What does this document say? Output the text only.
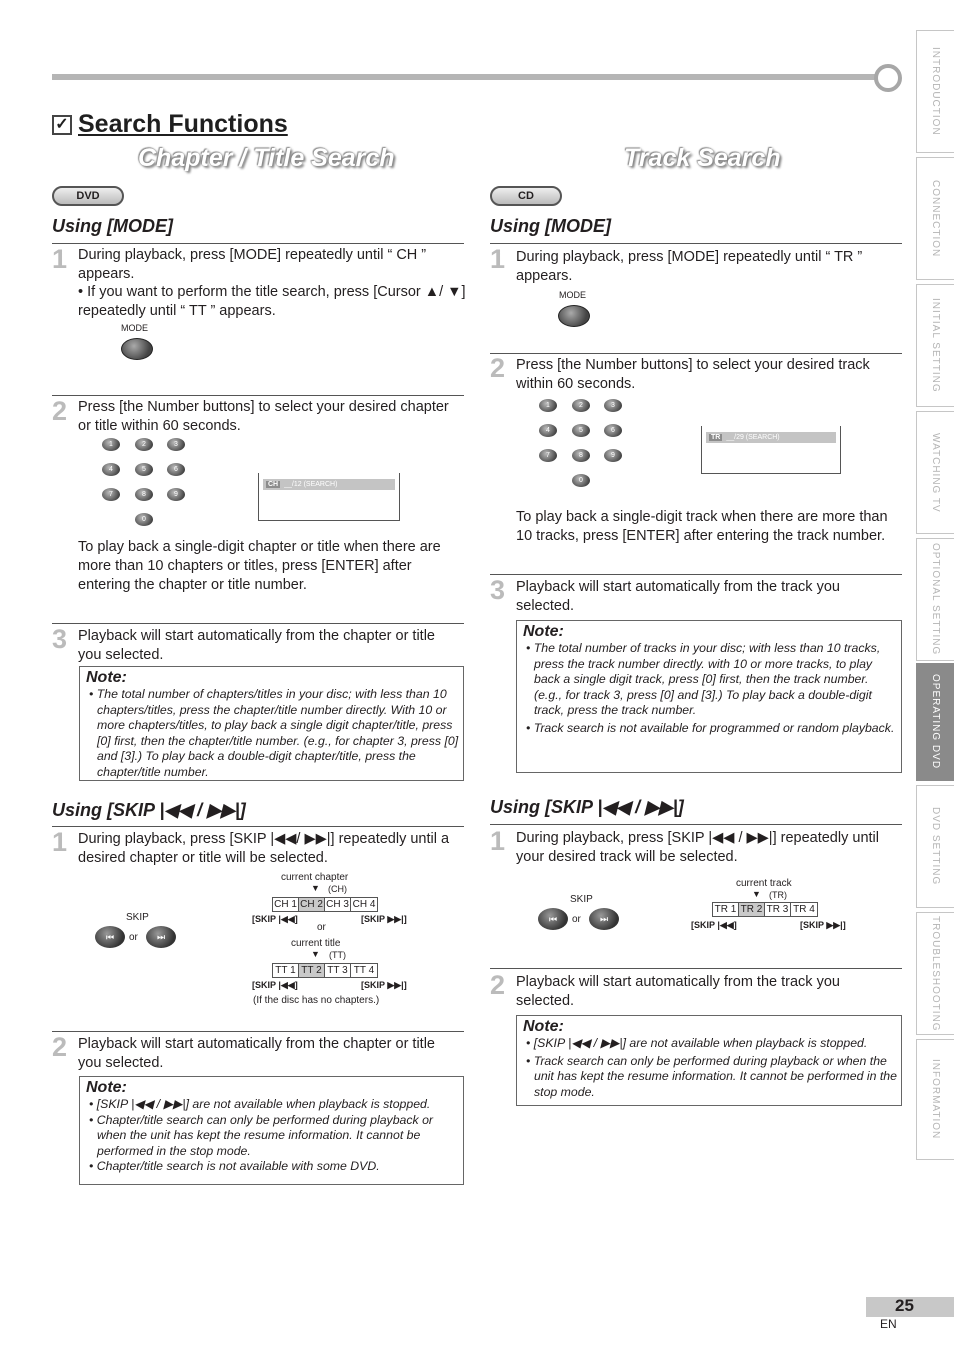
INTRODUCTION
CONNECTION
INITIAL SETTING
WATCHING TV
OPTIONAL SETTING
OPERATING DVD
DVD SETTING
TROUBLESHOOTING
INFORMATION
✓ Search Functions
Chapter / Title Search
DVD
Using [MODE]
1 During playback, press [MODE] repeatedly until “ CH ” appears.
• If you want to perform the title search, press [Cursor ▲/ ▼] repeatedly until “ TT ” appears.
MODE
2 Press [the Number buttons] to select your desired chapter or title within 60 seconds.
1	2	3
4	5	6
7	8	9
0
CH __/12 (SEARCH)
To play back a single-digit chapter or title when there are more than 10 chapters or titles, press [ENTER] after entering the chapter or title number.
3 Playback will start automatically from the chapter or title you selected.
Note:
• The total number of chapters/titles in your disc; with less than 10 chapters/titles, press the chapter/title number directly. With 10 or more chapters/titles, to play back a single digit chapter/title, press [0] first, then the chapter/title number. (e.g., for chapter 3, press [0] and [3].) To play back a double-digit chapter/title, press the chapter/title number.
Using [SKIP |◀◀ / ▶▶|]
1 During playback, press [SKIP |◀◀/ ▶▶|] repeatedly until a desired chapter or title will be selected.
SKIP
⏮	or	⏭
current chapter
(CH)
▼
CH 1 CH 2 CH 3 CH 4
[SKIP |◀◀]	[SKIP ▶▶|]
or
current title
(TT)
▼
TT 1 TT 2 TT 3 TT 4
[SKIP |◀◀]	[SKIP ▶▶|]
(If the disc has no chapters.)
2 Playback will start automatically from the chapter or title you selected.
Note:
• [SKIP |◀◀ / ▶▶|] are not available when playback is stopped.
• Chapter/title search can only be performed during playback or when the unit has kept the resume information. It cannot be performed in the stop mode.
• Chapter/title search is not available with some DVD.
Track Search
CD
Using [MODE]
1 During playback, press [MODE] repeatedly until “ TR ” appears.
MODE
2 Press [the Number buttons] to select your desired track within 60 seconds.
1	2	3
4	5	6
7	8	9
0
TR __/29 (SEARCH)
To play back a single-digit track when there are more than 10 tracks, press [ENTER] after entering the track number.
3 Playback will start automatically from the track you selected.
Note:
• The total number of tracks in your disc; with less than 10 tracks, press the track number directly. with 10 or more tracks, to play back a single digit track, press [0] first, then the track number. (e.g., for track 3, press [0] and [3].) To play back a double-digit track, press the track number.
• Track search is not available for programmed or random playback.
Using [SKIP |◀◀ / ▶▶|]
1 During playback, press [SKIP |◀◀ / ▶▶|] repeatedly until your desired track will be selected.
SKIP
⏮	or	⏭
current track
(TR)
▼
TR 1 TR 2 TR 3 TR 4
[SKIP |◀◀]	[SKIP ▶▶|]
2 Playback will start automatically from the track you selected.
Note:
• [SKIP |◀◀ / ▶▶|] are not available when playback is stopped.
• Track search can only be performed during playback or when the unit has kept the resume information. It cannot be performed in the stop mode.
25
EN
